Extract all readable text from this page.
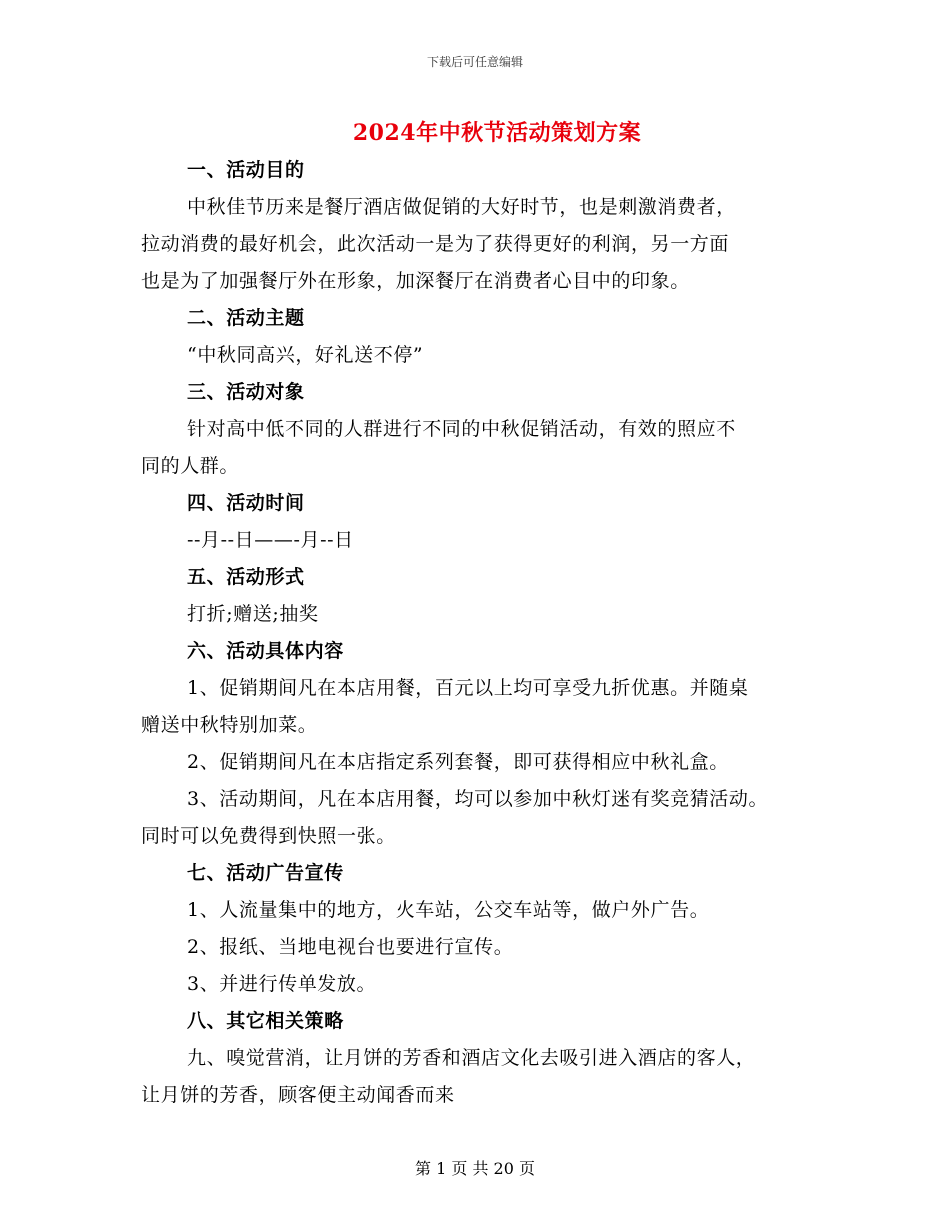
下载后可任意编辑
2024年中秋节活动策划方案
一、活动目的
中秋佳节历来是餐厅酒店做促销的大好时节，也是刺激消费者，
拉动消费的最好机会，此次活动一是为了获得更好的利润，另一方面
也是为了加强餐厅外在形象，加深餐厅在消费者心目中的印象。
二、活动主题
“中秋同高兴，好礼送不停”
三、活动对象
针对高中低不同的人群进行不同的中秋促销活动，有效的照应不
同的人群。
四、活动时间
--月--日——-月--日
五、活动形式
打折;赠送;抽奖
六、活动具体内容
1、促销期间凡在本店用餐，百元以上均可享受九折优惠。并随桌
赠送中秋特别加菜。
2、促销期间凡在本店指定系列套餐，即可获得相应中秋礼盒。
3、活动期间，凡在本店用餐，均可以参加中秋灯迷有奖竞猜活动。
同时可以免费得到快照一张。
七、活动广告宣传
1、人流量集中的地方，火车站，公交车站等，做户外广告。
2、报纸、当地电视台也要进行宣传。
3、并进行传单发放。
八、其它相关策略
九、嗅觉营消，让月饼的芳香和酒店文化去吸引进入酒店的客人，
让月饼的芳香，顾客便主动闻香而来
第 1 页 共 20 页
